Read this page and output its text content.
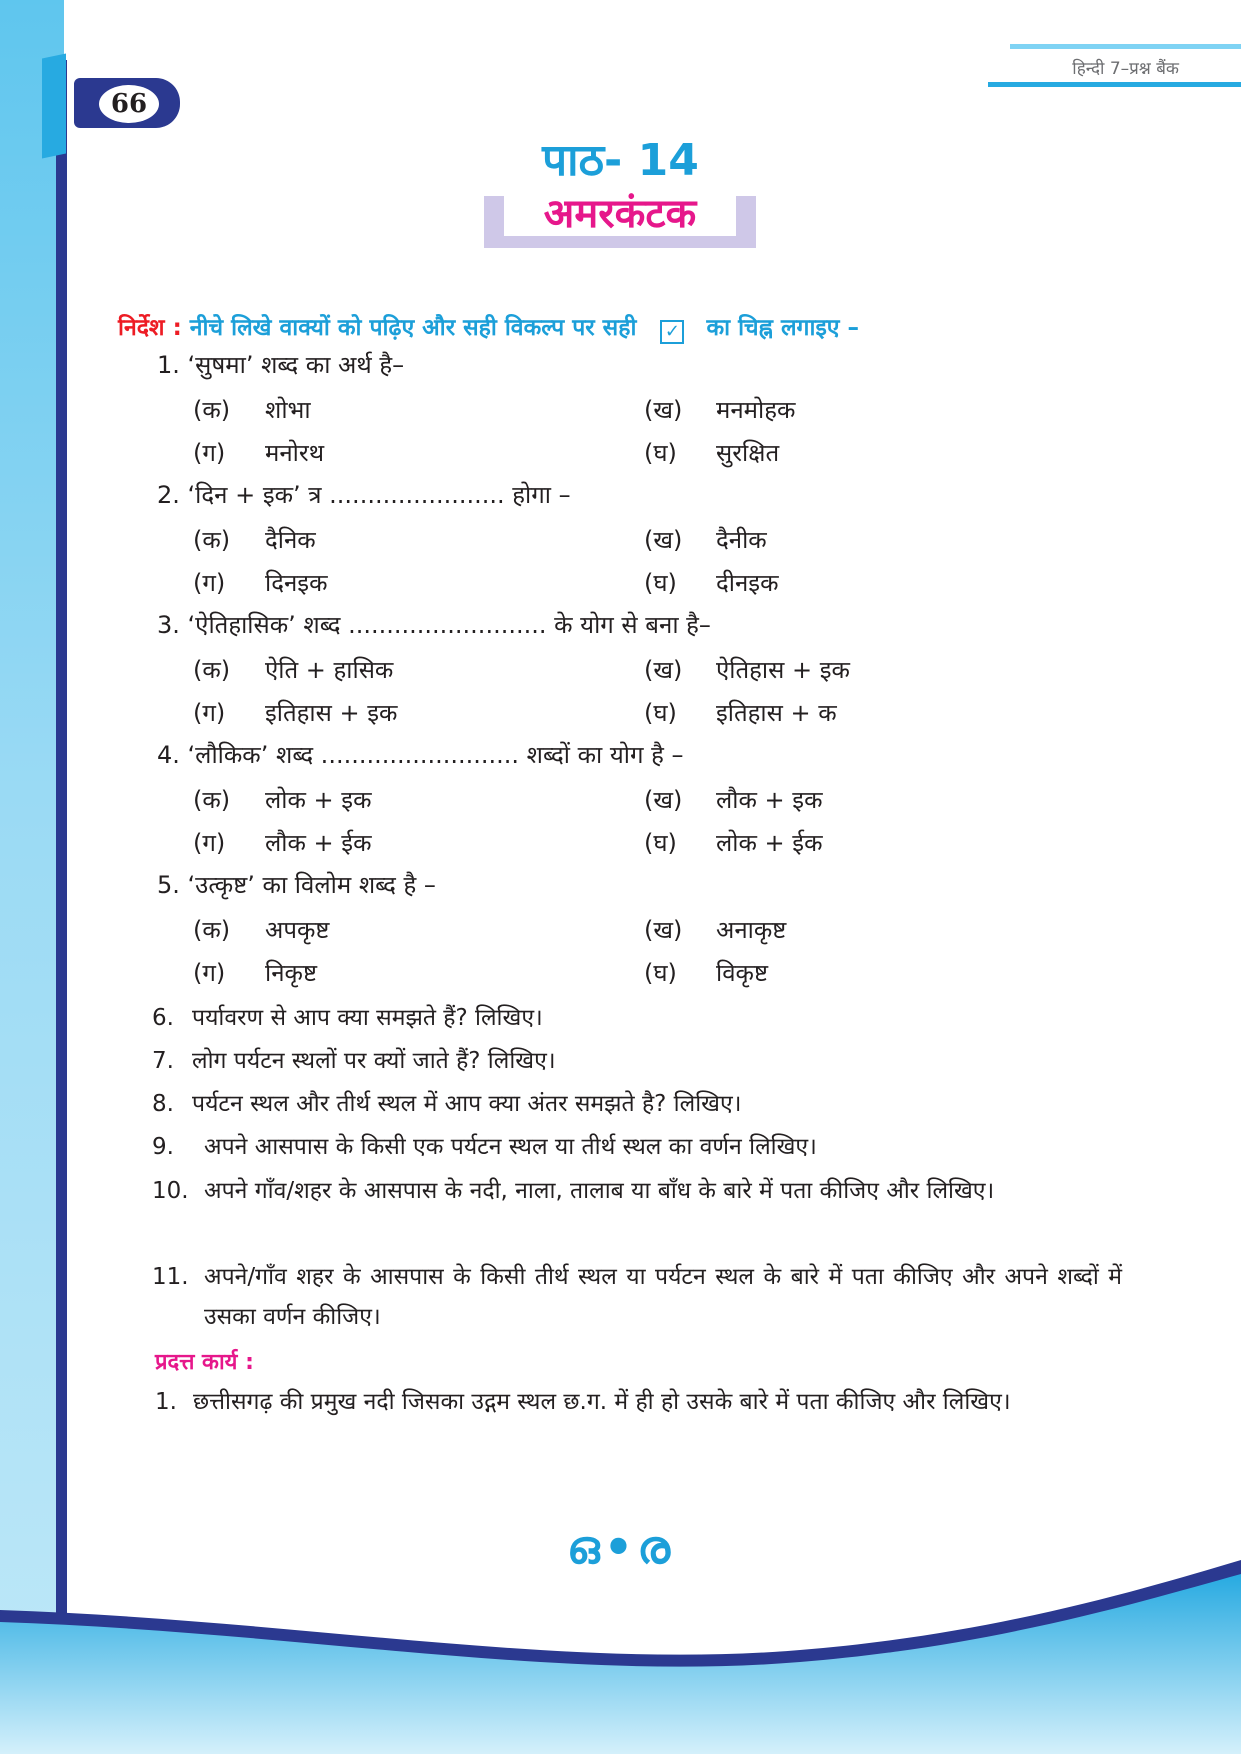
66
हिन्दी 7–प्रश्न बैंक
पाठ- 14
अमरकंटक
निर्देश : नीचे लिखे वाक्यों को पढ़िए और सही विकल्प पर सही ✓ का चिह्न लगाइए –
1. ‘सुषमा’ शब्द का अर्थ है–
(क) शोभा	(ख) मनमोहक
(ग) मनोरथ	(घ) सुरक्षित
2. ‘दिन + इक’ त्र ....................... होगा –
(क) दैनिक	(ख) दैनीक
(ग) दिनइक	(घ) दीनइक
3. ‘ऐतिहासिक’ शब्द .......................... के योग से बना है–
(क) ऐति + हासिक	(ख) ऐतिहास + इक
(ग) इतिहास + इक	(घ) इतिहास + क
4. ‘लौकिक’ शब्द .......................... शब्दों का योग है –
(क) लोक + इक	(ख) लौक + इक
(ग) लौक + ईक	(घ) लोक + ईक
5. ‘उत्कृष्ट’ का विलोम शब्द है –
(क) अपकृष्ट	(ख) अनाकृष्ट
(ग) निकृष्ट	(घ) विकृष्ट
6. पर्यावरण से आप क्या समझते हैं? लिखिए।
7. लोग पर्यटन स्थलों पर क्यों जाते हैं? लिखिए।
8. पर्यटन स्थल और तीर्थ स्थल में आप क्या अंतर समझते है? लिखिए।
9. अपने आसपास के किसी एक पर्यटन स्थल या तीर्थ स्थल का वर्णन लिखिए।
10. अपने गाँव/शहर के आसपास के नदी, नाला, तालाब या बाँध के बारे में पता कीजिए और लिखिए।
11. अपने/गाँव शहर के आसपास के किसी तीर्थ स्थल या पर्यटन स्थल के बारे में पता कीजिए और अपने शब्दों में उसका वर्णन कीजिए।
प्रदत्त कार्य :
1. छत्तीसगढ़ की प्रमुख नदी जिसका उद्गम स्थल छ.ग. में ही हो उसके बारे में पता कीजिए और लिखिए।
ഒ•ര
